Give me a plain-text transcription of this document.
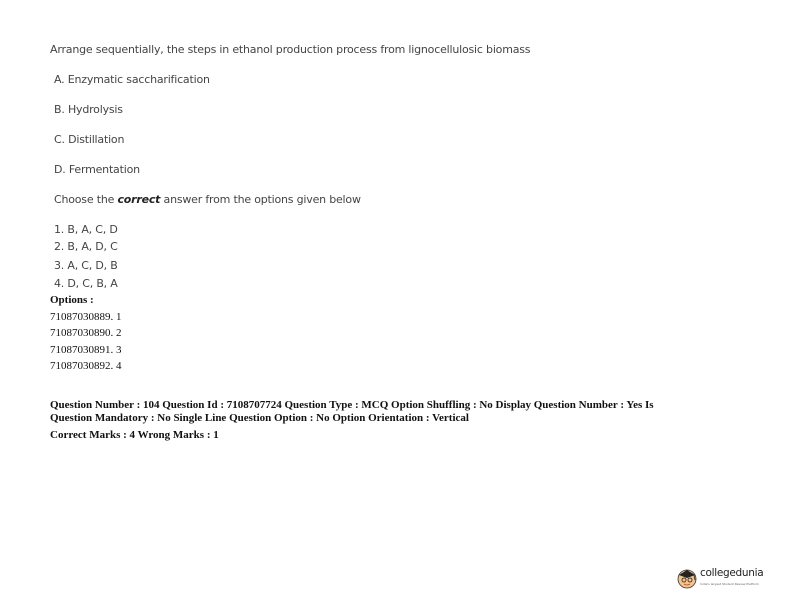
Arrange sequentially, the steps in ethanol production process from lignocellulosic biomass
A. Enzymatic saccharification
B. Hydrolysis
C. Distillation
D. Fermentation
Choose the correct answer from the options given below
1. B, A, C, D
2. B, A, D, C
3. A, C, D, B
4. D, C, B, A
Options :
71087030889. 1
71087030890. 2
71087030891. 3
71087030892. 4
Question Number : 104 Question Id : 7108707724 Question Type : MCQ Option Shuffling : No Display Question Number : Yes Is
Question Mandatory : No Single Line Question Option : No Option Orientation : Vertical
Correct Marks : 4 Wrong Marks : 1
collegedunia
India's largest Student Review Platform
